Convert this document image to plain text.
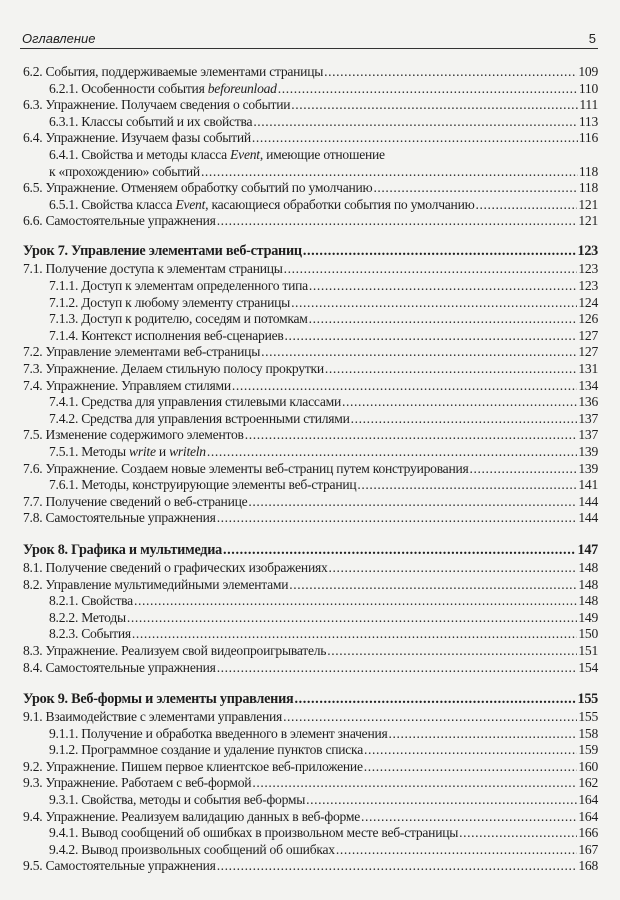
Оглавление	5
6.2. События, поддерживаемые элементами страницы .....	109
6.2.1. Особенности события beforeunload .....	110
6.3. Упражнение. Получаем сведения о событии .....	111
6.3.1. Классы событий и их свойства .....	113
6.4. Упражнение. Изучаем фазы событий .....	116
6.4.1. Свойства и методы класса Event, имеющие отношение
к «прохождению» событий .....	118
6.5. Упражнение. Отменяем обработку событий по умолчанию .....	118
6.5.1. Свойства класса Event, касающиеся обработки события по умолчанию .....	121
6.6. Самостоятельные упражнения .....	121
Урок 7. Управление элементами веб-страниц .....	123
7.1. Получение доступа к элементам страницы .....	123
7.1.1. Доступ к элементам определенного типа .....	123
7.1.2. Доступ к любому элементу страницы .....	124
7.1.3. Доступ к родителю, соседям и потомкам .....	126
7.1.4. Контекст исполнения веб-сценариев .....	127
7.2. Управление элементами веб-страницы .....	127
7.3. Упражнение. Делаем стильную полосу прокрутки .....	131
7.4. Упражнение. Управляем стилями .....	134
7.4.1. Средства для управления стилевыми классами .....	136
7.4.2. Средства для управления встроенными стилями .....	137
7.5. Изменение содержимого элементов .....	137
7.5.1. Методы write и writeln .....	139
7.6. Упражнение. Создаем новые элементы веб-страниц путем конструирования .....	139
7.6.1. Методы, конструирующие элементы веб-страниц .....	141
7.7. Получение сведений о веб-странице .....	144
7.8. Самостоятельные упражнения .....	144
Урок 8. Графика и мультимедиа .....	147
8.1. Получение сведений о графических изображениях .....	148
8.2. Управление мультимедийными элементами .....	148
8.2.1. Свойства .....	148
8.2.2. Методы .....	149
8.2.3. События .....	150
8.3. Упражнение. Реализуем свой видеопроигрыватель .....	151
8.4. Самостоятельные упражнения .....	154
Урок 9. Веб-формы и элементы управления .....	155
9.1. Взаимодействие с элементами управления .....	155
9.1.1. Получение и обработка введенного в элемент значения .....	158
9.1.2. Программное создание и удаление пунктов списка .....	159
9.2. Упражнение. Пишем первое клиентское веб-приложение .....	160
9.3. Упражнение. Работаем с веб-формой .....	162
9.3.1. Свойства, методы и события веб-формы .....	164
9.4. Упражнение. Реализуем валидацию данных в веб-форме .....	164
9.4.1. Вывод сообщений об ошибках в произвольном месте веб-страницы .....	166
9.4.2. Вывод произвольных сообщений об ошибках .....	167
9.5. Самостоятельные упражнения .....	168
